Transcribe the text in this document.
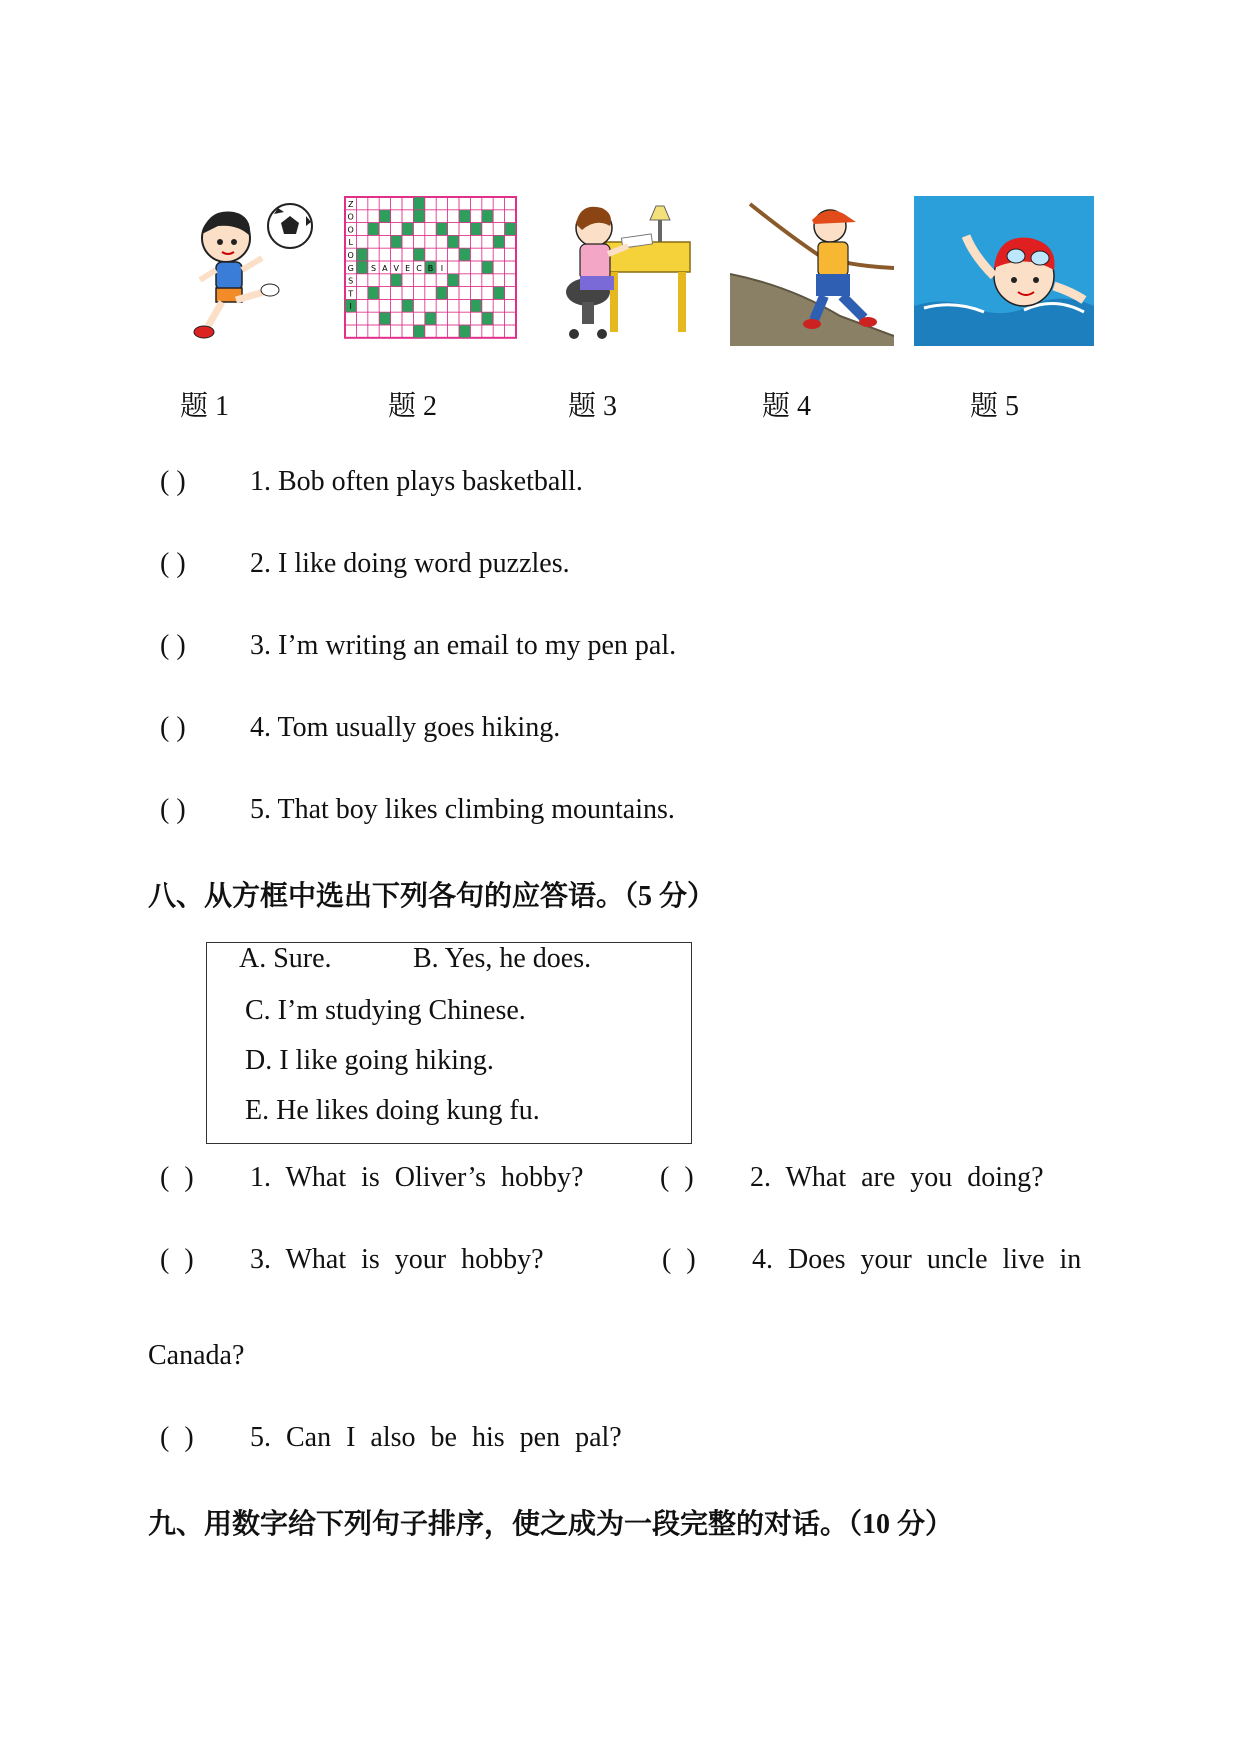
Z
O
O
L
O
G
S
T
I
S A V E C B I
题 1	题 2	题 3	题 4	题 5
( ) 1. Bob often plays basketball.
( ) 2. I like doing word puzzles.
( ) 3. I’m writing an email to my pen pal.
( ) 4. Tom usually goes hiking.
( ) 5. That boy likes climbing mountains.
八、从方框中选出下列各句的应答语。（5 分）
A. Sure.	B. Yes, he does.
C. I’m studying Chinese.
D. I like going hiking.
E. He likes doing kung fu.
( ) 1. What is Oliver’s hobby?	( ) 2. What are you doing?
( ) 3. What is your hobby?	( ) 4. Does your uncle live in
Canada?
( ) 5. Can I also be his pen pal?
九、用数字给下列句子排序，使之成为一段完整的对话。（10 分）
